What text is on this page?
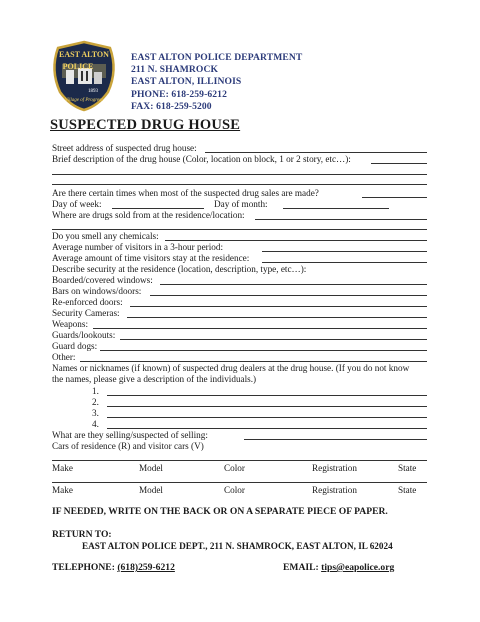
EAST ALTON
POLICE
1893
Village of Progress
EAST ALTON POLICE DEPARTMENT
211 N. SHAMROCK
EAST ALTON, ILLINOIS
PHONE: 618-259-6212
FAX: 618-259-5200
SUSPECTED DRUG HOUSE
Street address of suspected drug house:
Brief description of the drug house (Color, location on block, 1 or 2 story, etc…):
Are there certain times when most of the suspected drug sales are made?
Day of week:	Day of month:
Where are drugs sold from at the residence/location:
Do you smell any chemicals:
Average number of visitors in a 3-hour period:
Average amount of time visitors stay at the residence:
Describe security at the residence (location, description, type, etc…):
Boarded/covered windows:
Bars on windows/doors:
Re-enforced doors:
Security Cameras:
Weapons:
Guards/lookouts:
Guard dogs:
Other:
Names or nicknames (if known) of suspected drug dealers at the drug house. (If you do not know
the names, please give a description of the individuals.)
1.
2.
3.
4.
What are they selling/suspected of selling:
Cars of residence (R) and visitor cars (V)
Make	Model	Color	Registration	State
Make	Model	Color	Registration	State
IF NEEDED, WRITE ON THE BACK OR ON A SEPARATE PIECE OF PAPER.
RETURN TO:
EAST ALTON POLICE DEPT., 211 N. SHAMROCK, EAST ALTON, IL 62024
TELEPHONE: (618)259-6212	EMAIL: tips@eapolice.org
